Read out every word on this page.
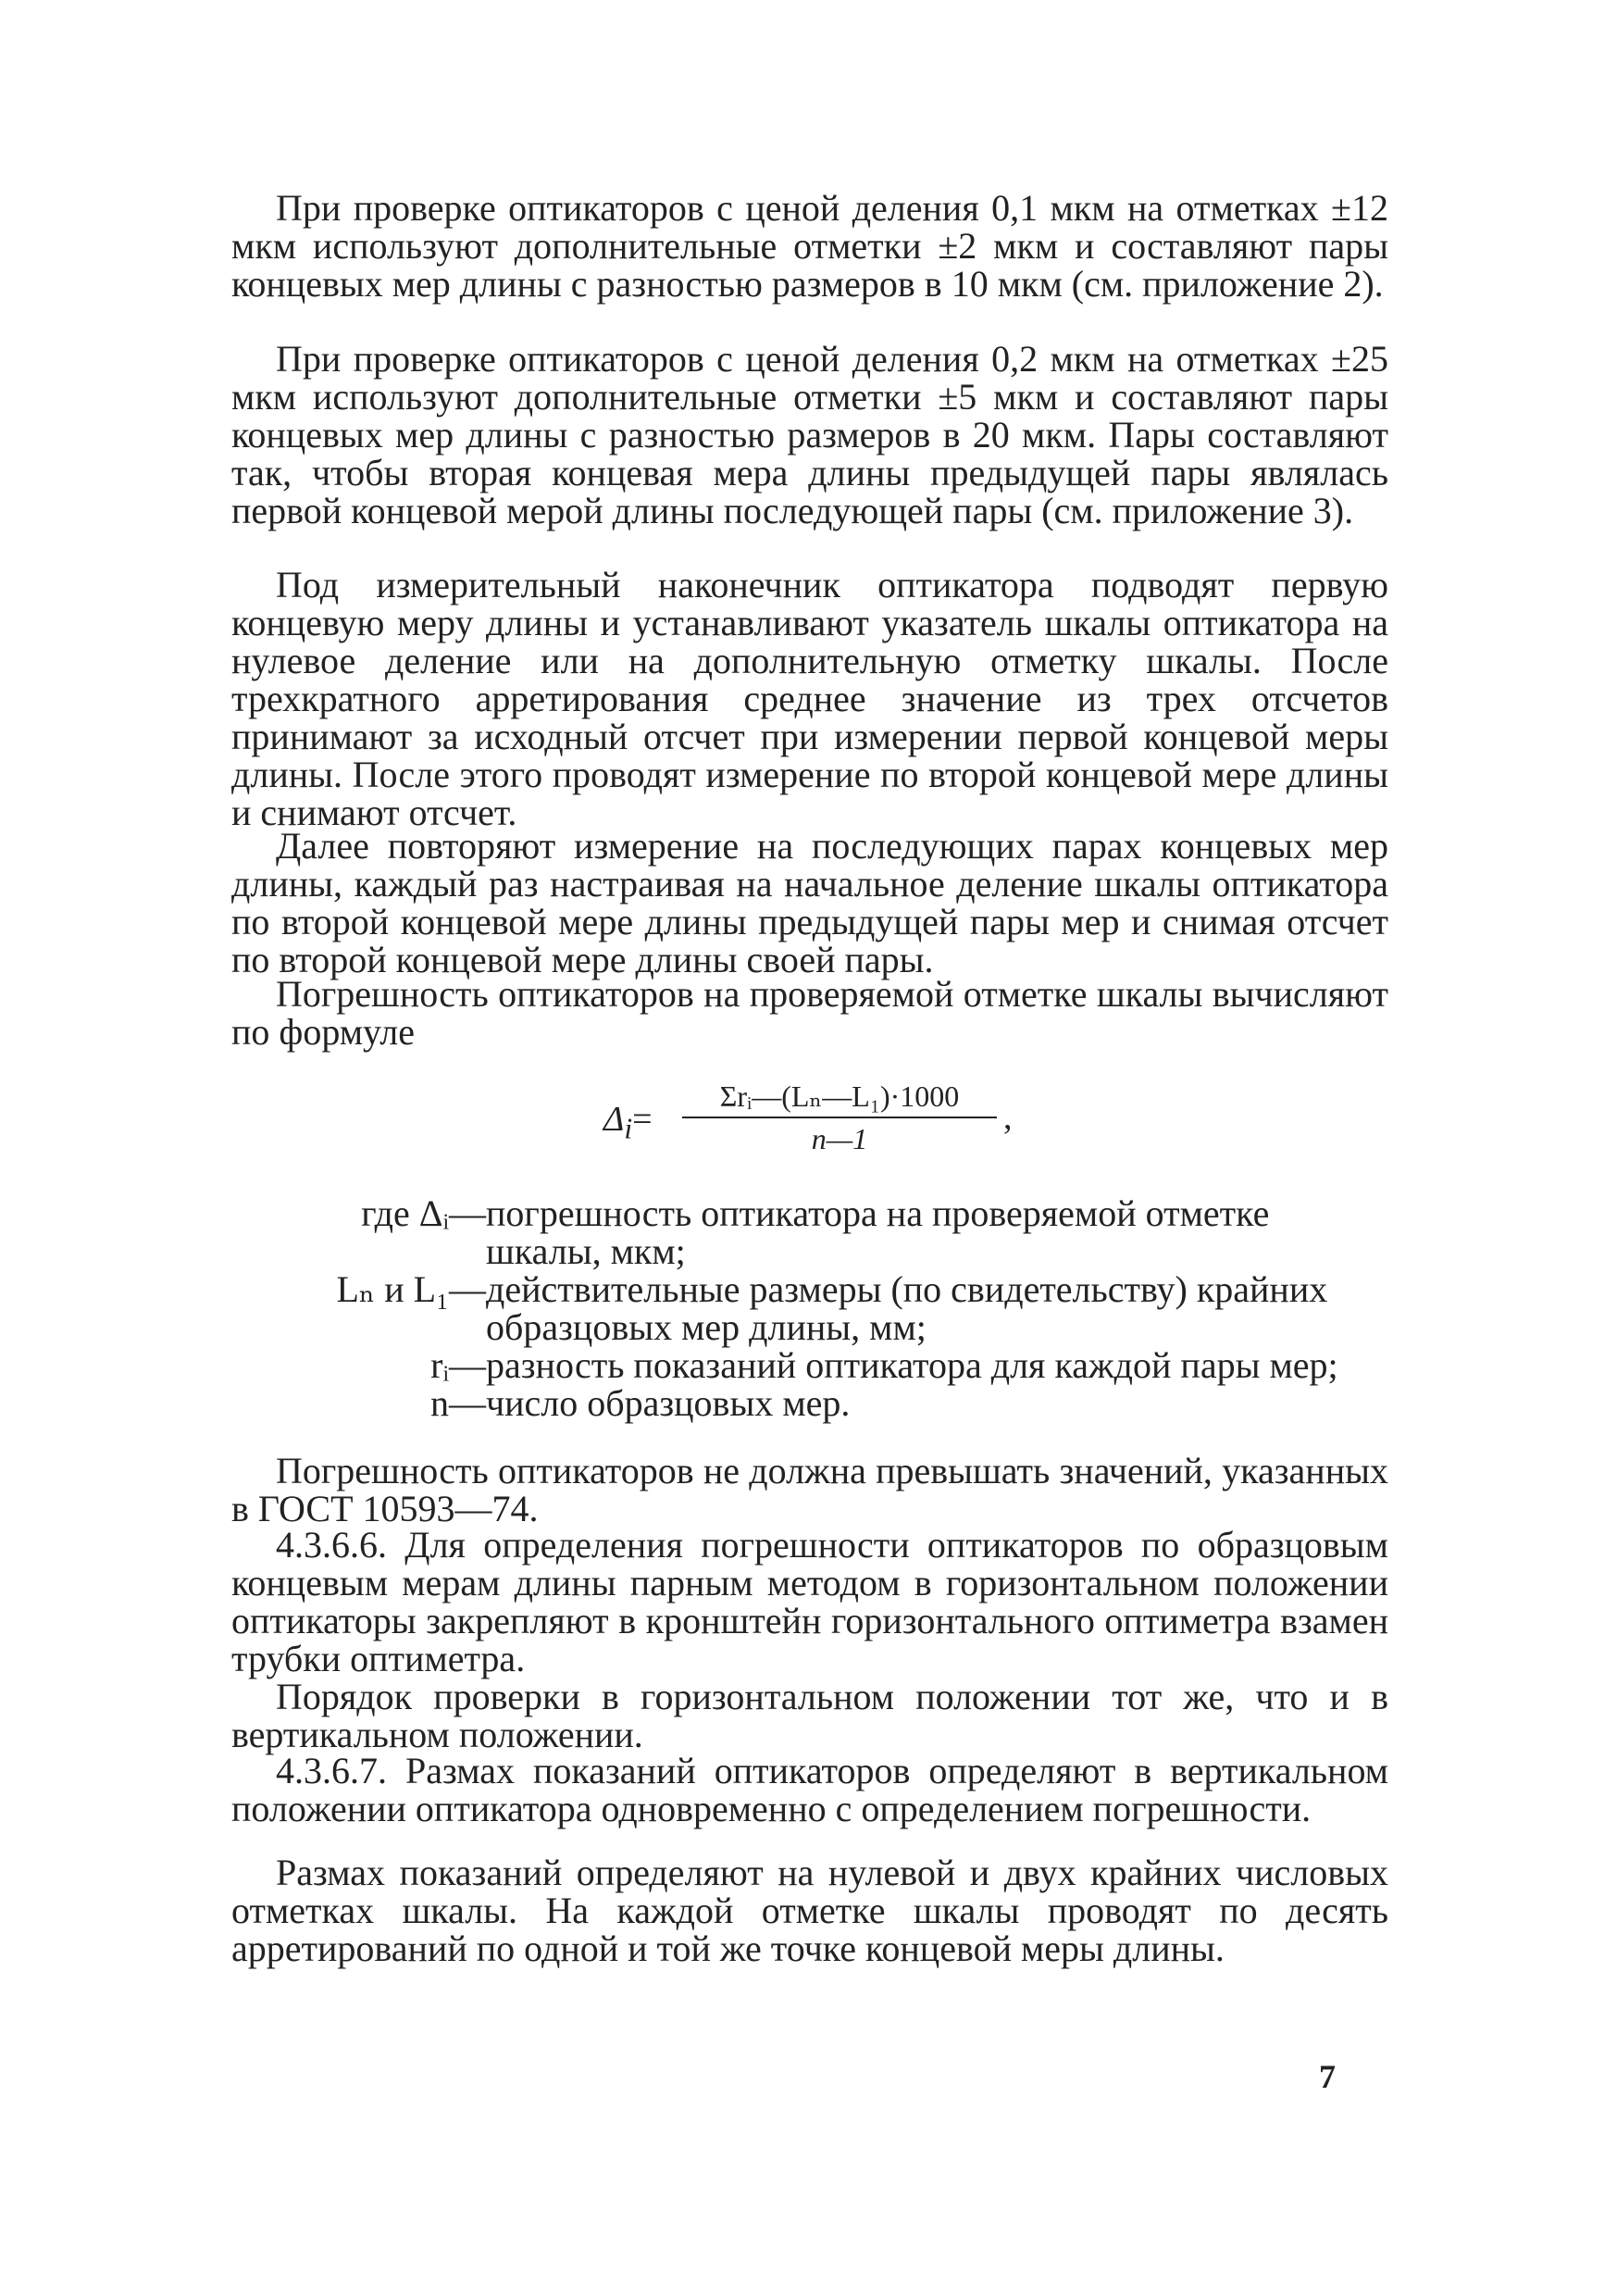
При проверке оптикаторов с ценой деления 0,1 мкм на отметках ±12 мкм используют дополнительные отметки ±2 мкм и составляют пары концевых мер длины с разностью размеров в 10 мкм (см. приложение 2).

При проверке оптикаторов с ценой деления 0,2 мкм на отметках ±25 мкм используют дополнительные отметки ±5 мкм и составляют пары концевых мер длины с разностью размеров в 20 мкм. Пары составляют так, чтобы вторая концевая мера длины предыдущей пары являлась первой концевой мерой длины последующей пары (см. приложение 3).

Под измерительный наконечник оптикатора подводят первую концевую меру длины и устанавливают указатель шкалы оптикатора на нулевое деление или на дополнительную отметку шкалы. После трехкратного арретирования среднее значение из трех отсчетов принимают за исходный отсчет при измерении первой концевой меры длины. После этого проводят измерение по второй концевой мере длины и снимают отсчет.

Далее повторяют измерение на последующих парах концевых мер длины, каждый раз настраивая на начальное деление шкалы оптикатора по второй концевой мере длины предыдущей пары мер и снимая отсчет по второй концевой мере длины своей пары.

Погрешность оптикаторов на проверяемой отметке шкалы вычисляют по формуле

$\Delta_i=$
Σrᵢ—(Lₙ—L₁)·1000
n—1
,
где Δᵢ — погрешность оптикатора на проверяемой отметке шкалы, мкм;
Lₙ и L₁ — действительные размеры (по свидетельству) крайних образцовых мер длины, мм;
rᵢ — разность показаний оптикатора для каждой пары мер;
n — число образцовых мер.

Погрешность оптикаторов не должна превышать значений, указанных в ГОСТ 10593—74.

4.3.6.6. Для определения погрешности оптикаторов по образцовым концевым мерам длины парным методом в горизонтальном положении оптикаторы закрепляют в кронштейн горизонтального оптиметра взамен трубки оптиметра.

Порядок проверки в горизонтальном положении тот же, что и в вертикальном положении.

4.3.6.7. Размах показаний оптикаторов определяют в вертикальном положении оптикатора одновременно с определением погрешности.

Размах показаний определяют на нулевой и двух крайних числовых отметках шкалы. На каждой отметке шкалы проводят по десять арретирований по одной и той же точке концевой меры длины.

7
